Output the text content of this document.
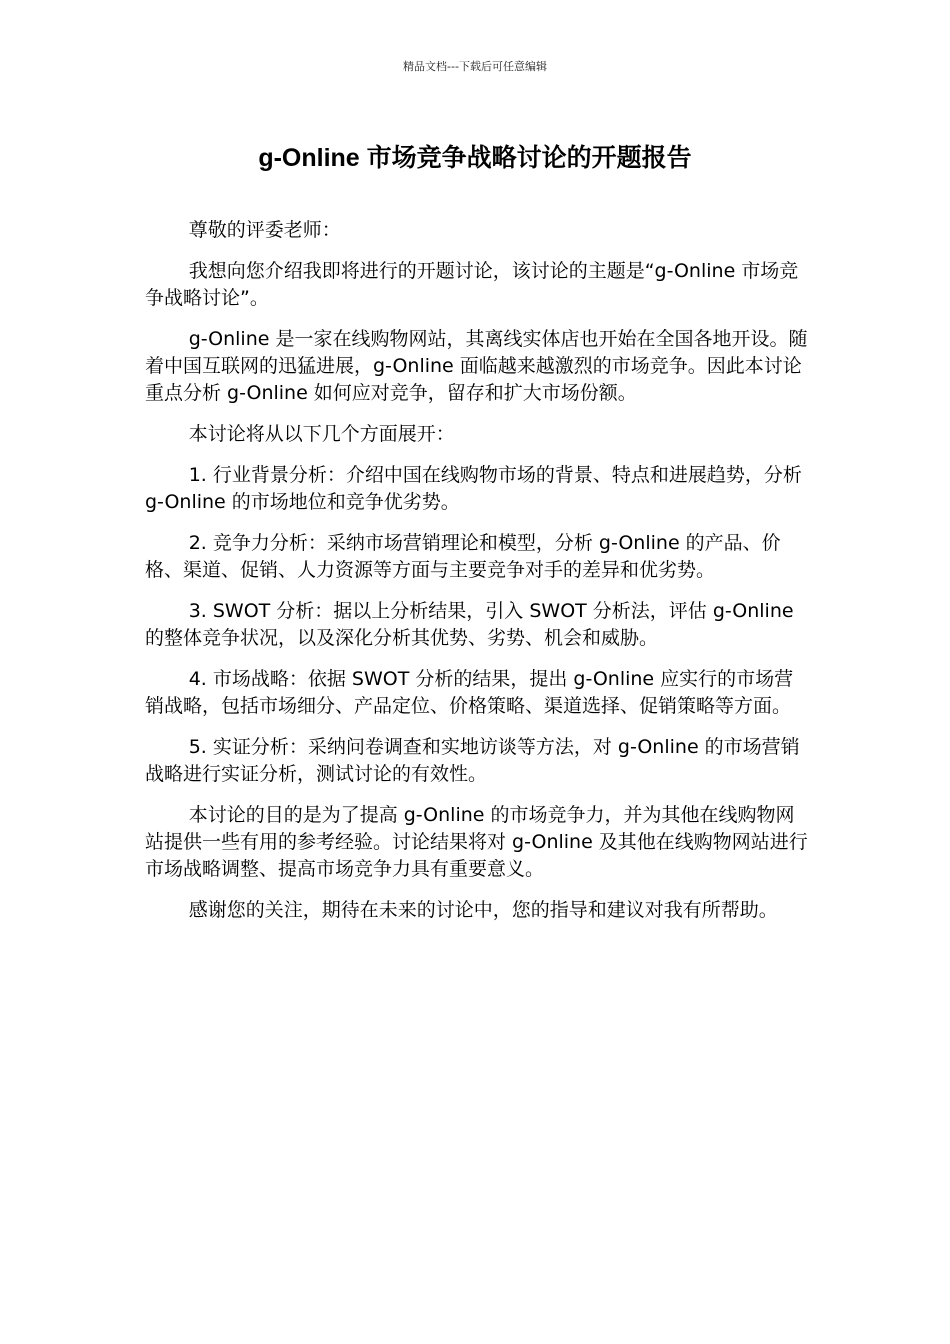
精品文档---下载后可任意编辑
g-Online 市场竞争战略讨论的开题报告

尊敬的评委老师：

我想向您介绍我即将进行的开题讨论，该讨论的主题是“g-Online 市场竞争战略讨论”。

g-Online 是一家在线购物网站，其离线实体店也开始在全国各地开设。随着中国互联网的迅猛进展，g-Online 面临越来越激烈的市场竞争。因此本讨论重点分析 g-Online 如何应对竞争，留存和扩大市场份额。

本讨论将从以下几个方面展开：

1. 行业背景分析：介绍中国在线购物市场的背景、特点和进展趋势，分析 g-Online 的市场地位和竞争优劣势。

2. 竞争力分析：采纳市场营销理论和模型，分析 g-Online 的产品、价格、渠道、促销、人力资源等方面与主要竞争对手的差异和优劣势。

3. SWOT 分析：据以上分析结果，引入 SWOT 分析法，评估 g-Online 的整体竞争状况，以及深化分析其优势、劣势、机会和威胁。

4. 市场战略：依据 SWOT 分析的结果，提出 g-Online 应实行的市场营销战略，包括市场细分、产品定位、价格策略、渠道选择、促销策略等方面。

5. 实证分析：采纳问卷调查和实地访谈等方法，对 g-Online 的市场营销战略进行实证分析，测试讨论的有效性。

本讨论的目的是为了提高 g-Online 的市场竞争力，并为其他在线购物网站提供一些有用的参考经验。讨论结果将对 g-Online 及其他在线购物网站进行市场战略调整、提高市场竞争力具有重要意义。

感谢您的关注，期待在未来的讨论中，您的指导和建议对我有所帮助。
